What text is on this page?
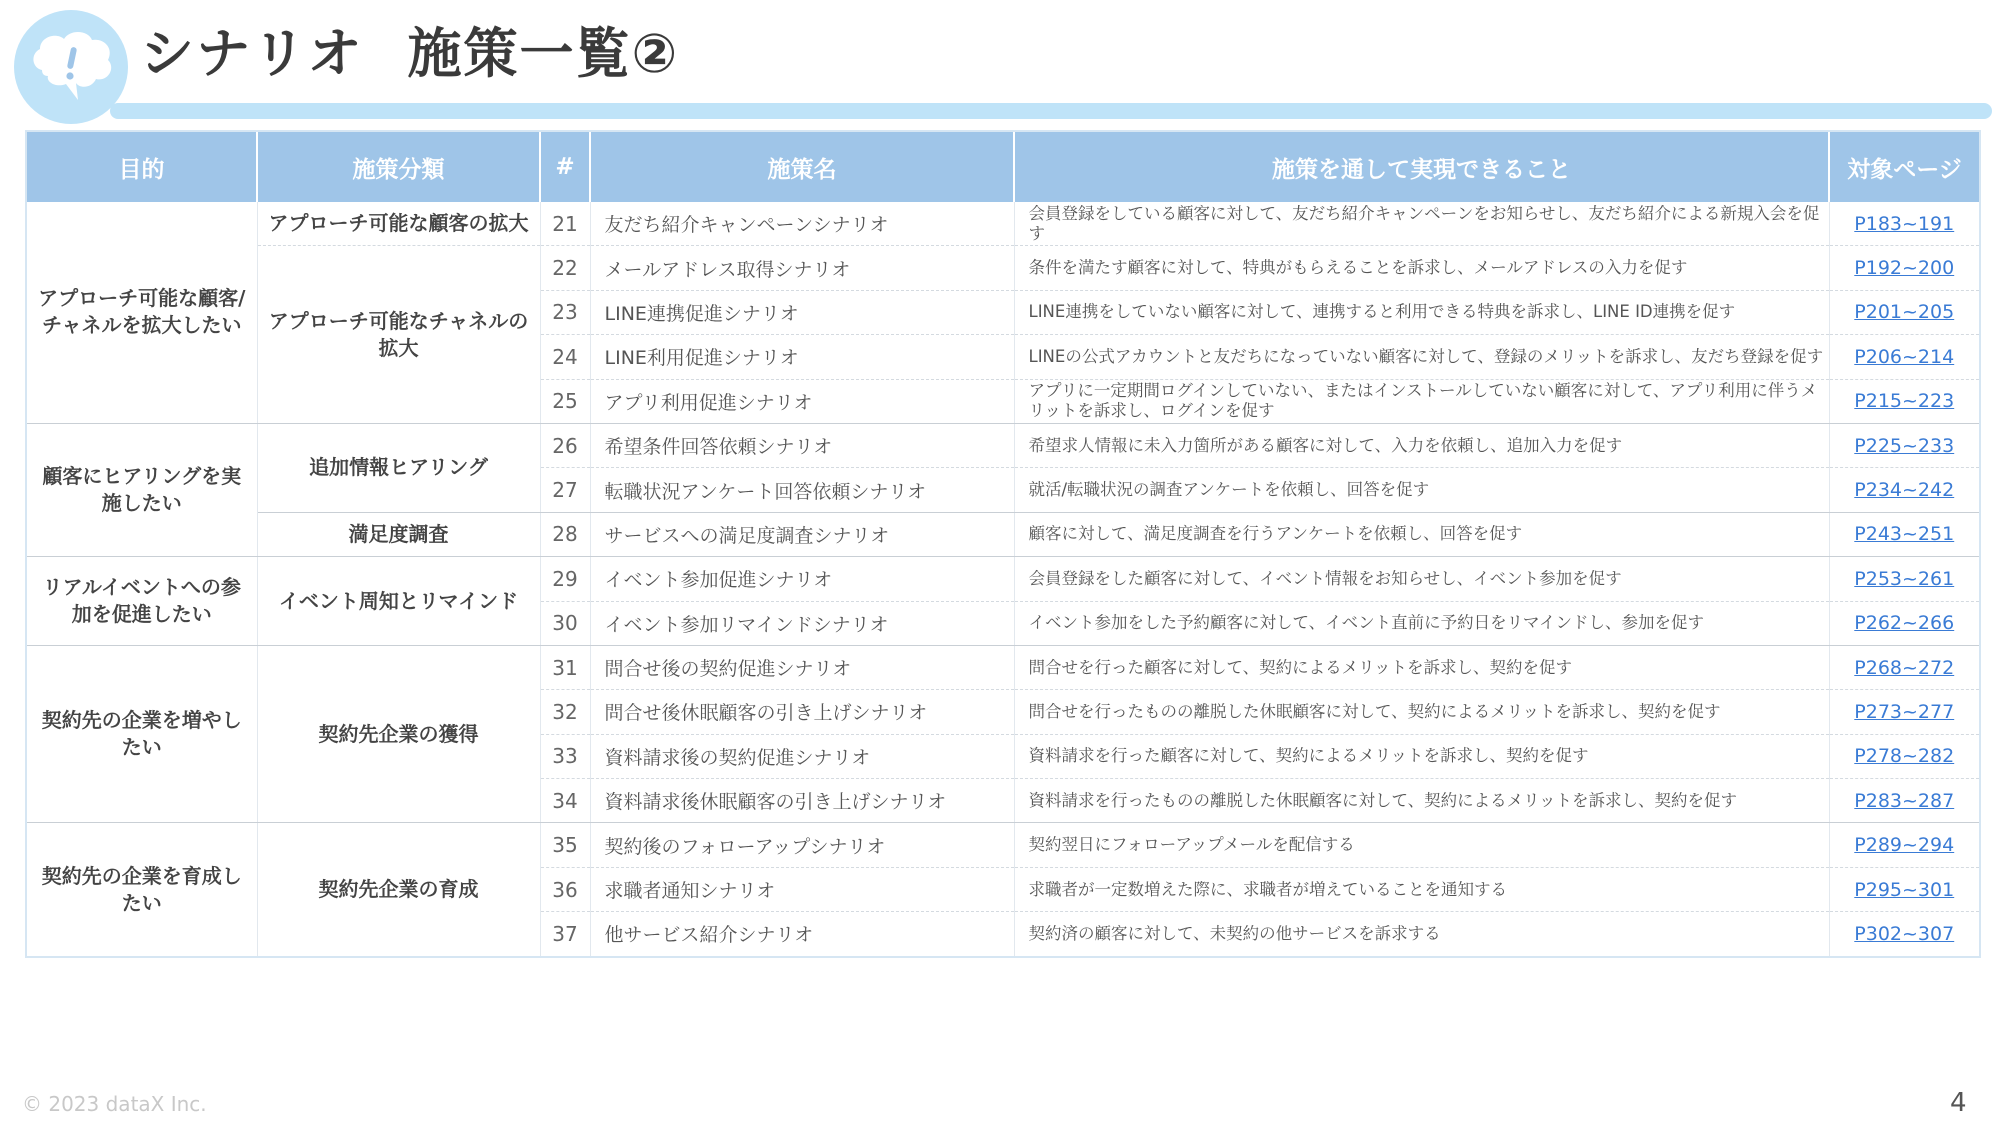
シナリオ 施策一覧②
目的	施策分類	#	施策名	施策を通して実現できること	対象ページ
アプローチ可能な顧客/チャネルを拡大したい	アプローチ可能な顧客の拡大	21	友だち紹介キャンペーンシナリオ	会員登録をしている顧客に対して、友だち紹介キャンペーンをお知らせし、友だち紹介による新規入会を促す	P183~191
	アプローチ可能なチャネルの拡大	22	メールアドレス取得シナリオ	条件を満たす顧客に対して、特典がもらえることを訴求し、メールアドレスの入力を促す	P192~200
		23	LINE連携促進シナリオ	LINE連携をしていない顧客に対して、連携すると利用できる特典を訴求し、LINE ID連携を促す	P201~205
		24	LINE利用促進シナリオ	LINEの公式アカウントと友だちになっていない顧客に対して、登録のメリットを訴求し、友だち登録を促す	P206~214
		25	アプリ利用促進シナリオ	アプリに一定期間ログインしていない、またはインストールしていない顧客に対して、アプリ利用に伴うメリットを訴求し、ログインを促す	P215~223
顧客にヒアリングを実施したい	追加情報ヒアリング	26	希望条件回答依頼シナリオ	希望求人情報に未入力箇所がある顧客に対して、入力を依頼し、追加入力を促す	P225~233
		27	転職状況アンケート回答依頼シナリオ	就活/転職状況の調査アンケートを依頼し、回答を促す	P234~242
	満足度調査	28	サービスへの満足度調査シナリオ	顧客に対して、満足度調査を行うアンケートを依頼し、回答を促す	P243~251
リアルイベントへの参加を促進したい	イベント周知とリマインド	29	イベント参加促進シナリオ	会員登録をした顧客に対して、イベント情報をお知らせし、イベント参加を促す	P253~261
		30	イベント参加リマインドシナリオ	イベント参加をした予約顧客に対して、イベント直前に予約日をリマインドし、参加を促す	P262~266
契約先の企業を増やしたい	契約先企業の獲得	31	問合せ後の契約促進シナリオ	問合せを行った顧客に対して、契約によるメリットを訴求し、契約を促す	P268~272
		32	問合せ後休眠顧客の引き上げシナリオ	問合せを行ったものの離脱した休眠顧客に対して、契約によるメリットを訴求し、契約を促す	P273~277
		33	資料請求後の契約促進シナリオ	資料請求を行った顧客に対して、契約によるメリットを訴求し、契約を促す	P278~282
		34	資料請求後休眠顧客の引き上げシナリオ	資料請求を行ったものの離脱した休眠顧客に対して、契約によるメリットを訴求し、契約を促す	P283~287
契約先の企業を育成したい	契約先企業の育成	35	契約後のフォローアップシナリオ	契約翌日にフォローアップメールを配信する	P289~294
		36	求職者通知シナリオ	求職者が一定数増えた際に、求職者が増えていることを通知する	P295~301
		37	他サービス紹介シナリオ	契約済の顧客に対して、未契約の他サービスを訴求する	P302~307
© 2023 dataX Inc.	4
